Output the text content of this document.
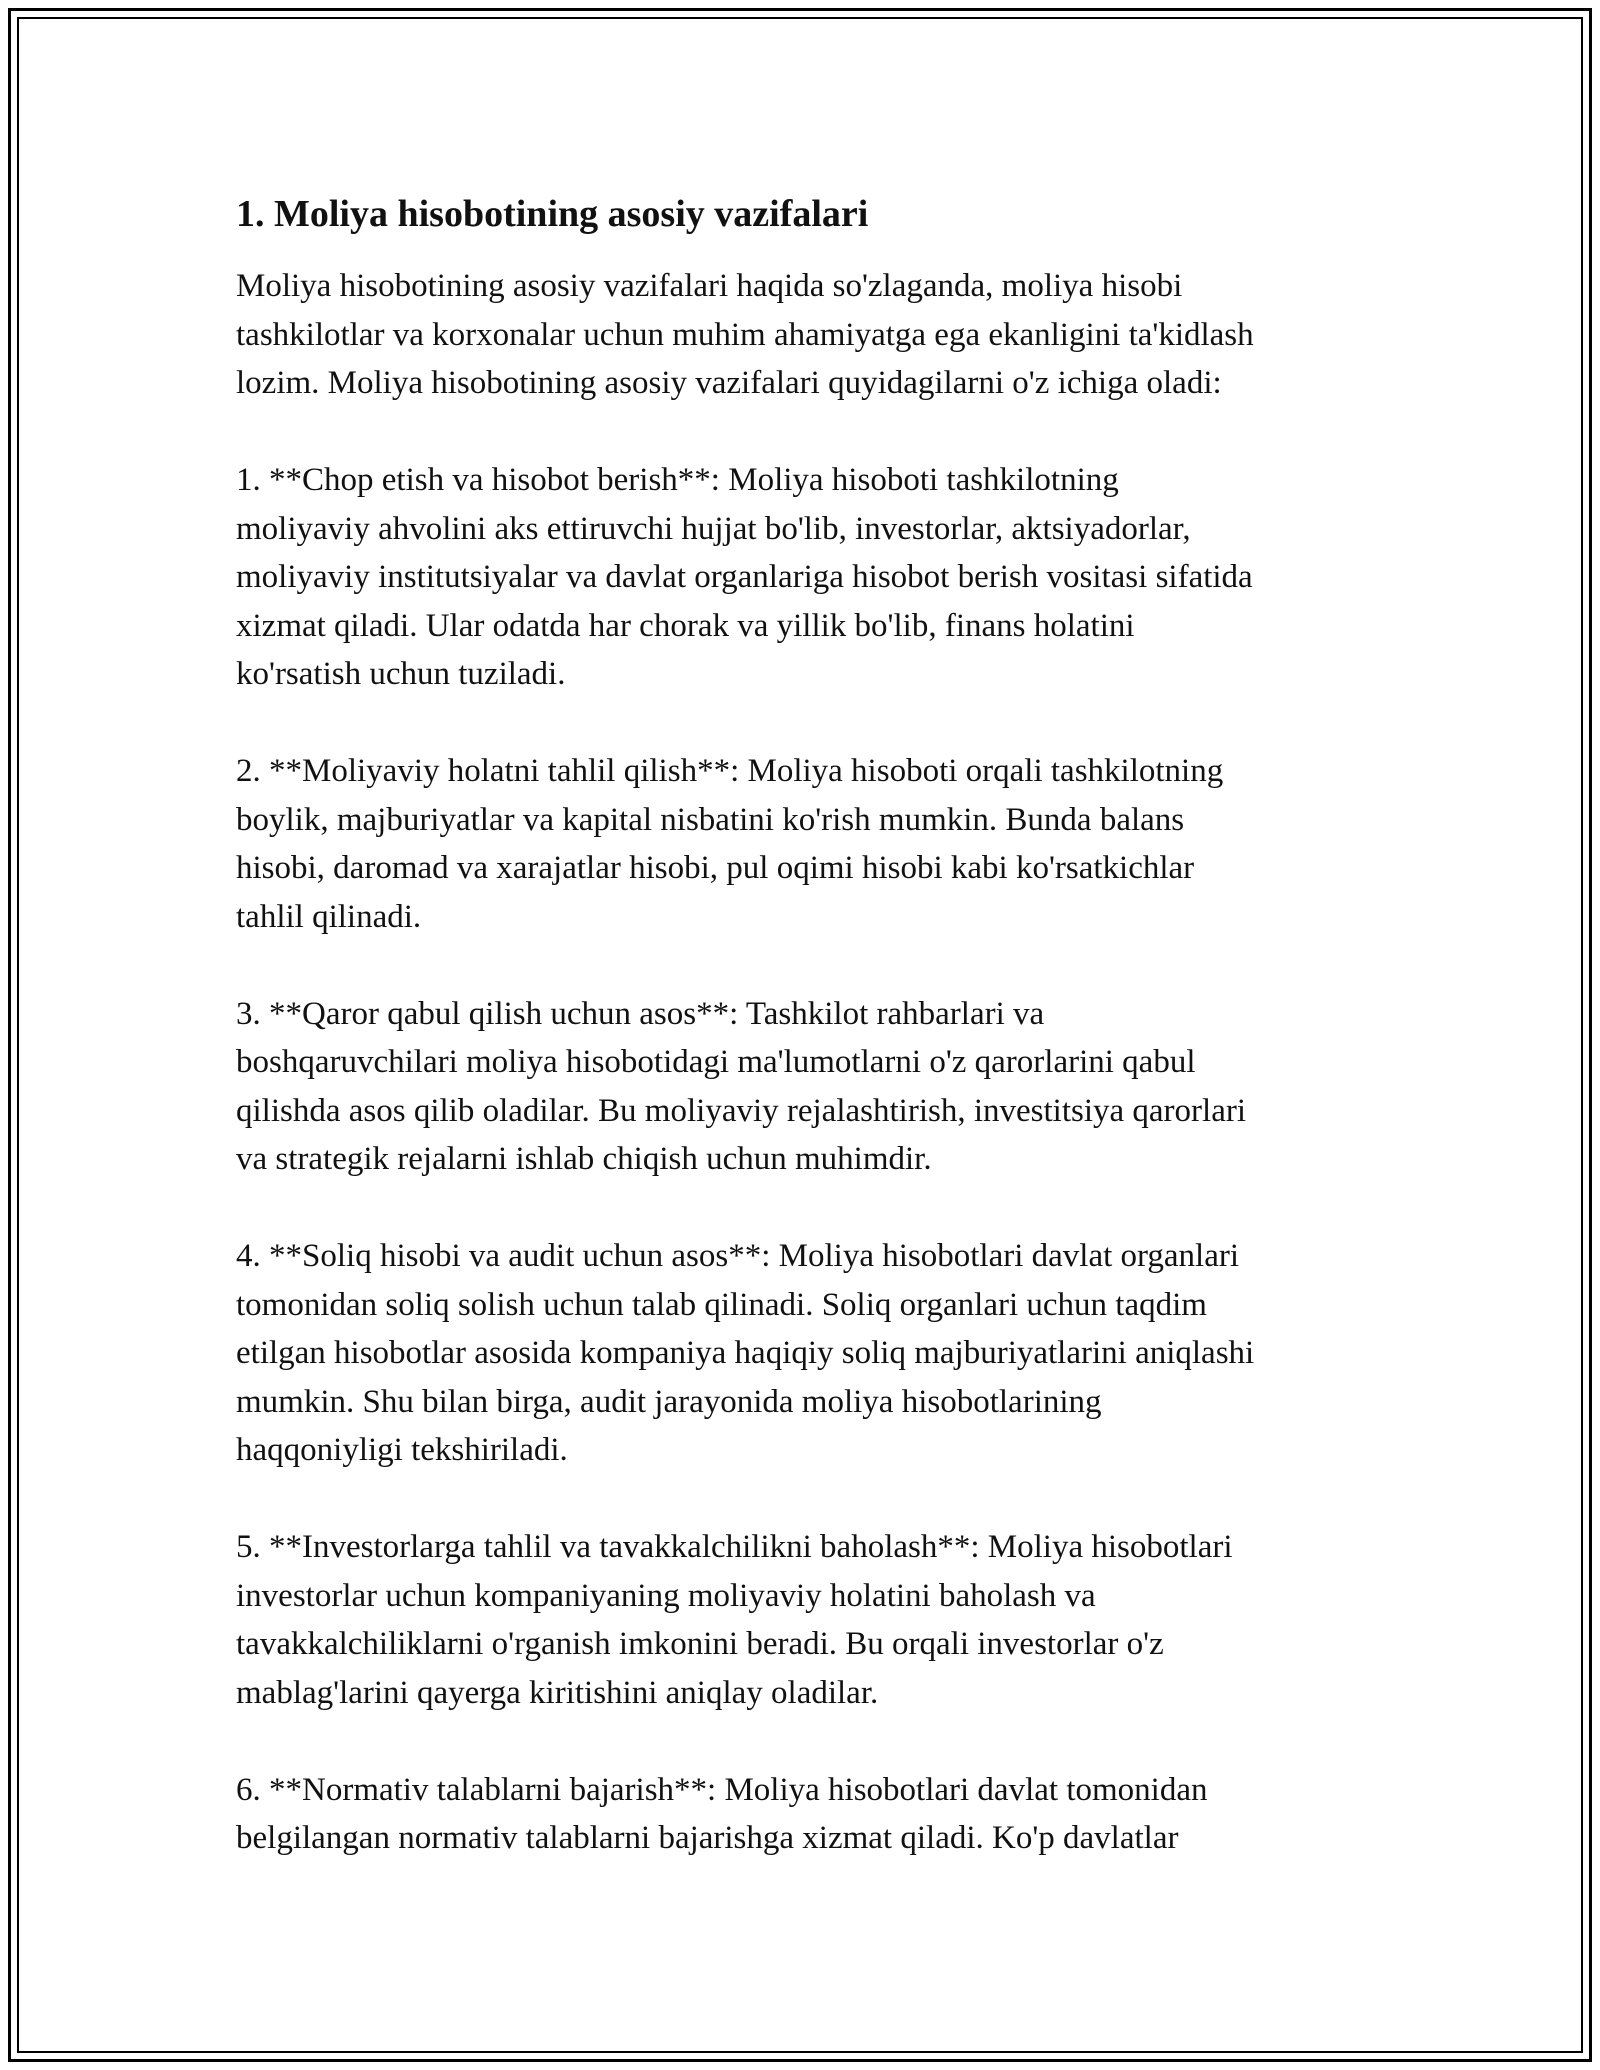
1. Moliya hisobotining asosiy vazifalari

Moliya hisobotining asosiy vazifalari haqida so'zlaganda, moliya hisobi
tashkilotlar va korxonalar uchun muhim ahamiyatga ega ekanligini ta'kidlash
lozim. Moliya hisobotining asosiy vazifalari quyidagilarni o'z ichiga oladi:

1. **Chop etish va hisobot berish**: Moliya hisoboti tashkilotning
moliyaviy ahvolini aks ettiruvchi hujjat bo'lib, investorlar, aktsiyadorlar,
moliyaviy institutsiyalar va davlat organlariga hisobot berish vositasi sifatida
xizmat qiladi. Ular odatda har chorak va yillik bo'lib, finans holatini
ko'rsatish uchun tuziladi.

2. **Moliyaviy holatni tahlil qilish**: Moliya hisoboti orqali tashkilotning
boylik, majburiyatlar va kapital nisbatini ko'rish mumkin. Bunda balans
hisobi, daromad va xarajatlar hisobi, pul oqimi hisobi kabi ko'rsatkichlar
tahlil qilinadi.

3. **Qaror qabul qilish uchun asos**: Tashkilot rahbarlari va
boshqaruvchilari moliya hisobotidagi ma'lumotlarni o'z qarorlarini qabul
qilishda asos qilib oladilar. Bu moliyaviy rejalashtirish, investitsiya qarorlari
va strategik rejalarni ishlab chiqish uchun muhimdir.

4. **Soliq hisobi va audit uchun asos**: Moliya hisobotlari davlat organlari
tomonidan soliq solish uchun talab qilinadi. Soliq organlari uchun taqdim
etilgan hisobotlar asosida kompaniya haqiqiy soliq majburiyatlarini aniqlashi
mumkin. Shu bilan birga, audit jarayonida moliya hisobotlarining
haqqoniyligi tekshiriladi.

5. **Investorlarga tahlil va tavakkalchilikni baholash**: Moliya hisobotlari
investorlar uchun kompaniyaning moliyaviy holatini baholash va
tavakkalchiliklarni o'rganish imkonini beradi. Bu orqali investorlar o'z
mablag'larini qayerga kiritishini aniqlay oladilar.

6. **Normativ talablarni bajarish**: Moliya hisobotlari davlat tomonidan
belgilangan normativ talablarni bajarishga xizmat qiladi. Ko'p davlatlar
